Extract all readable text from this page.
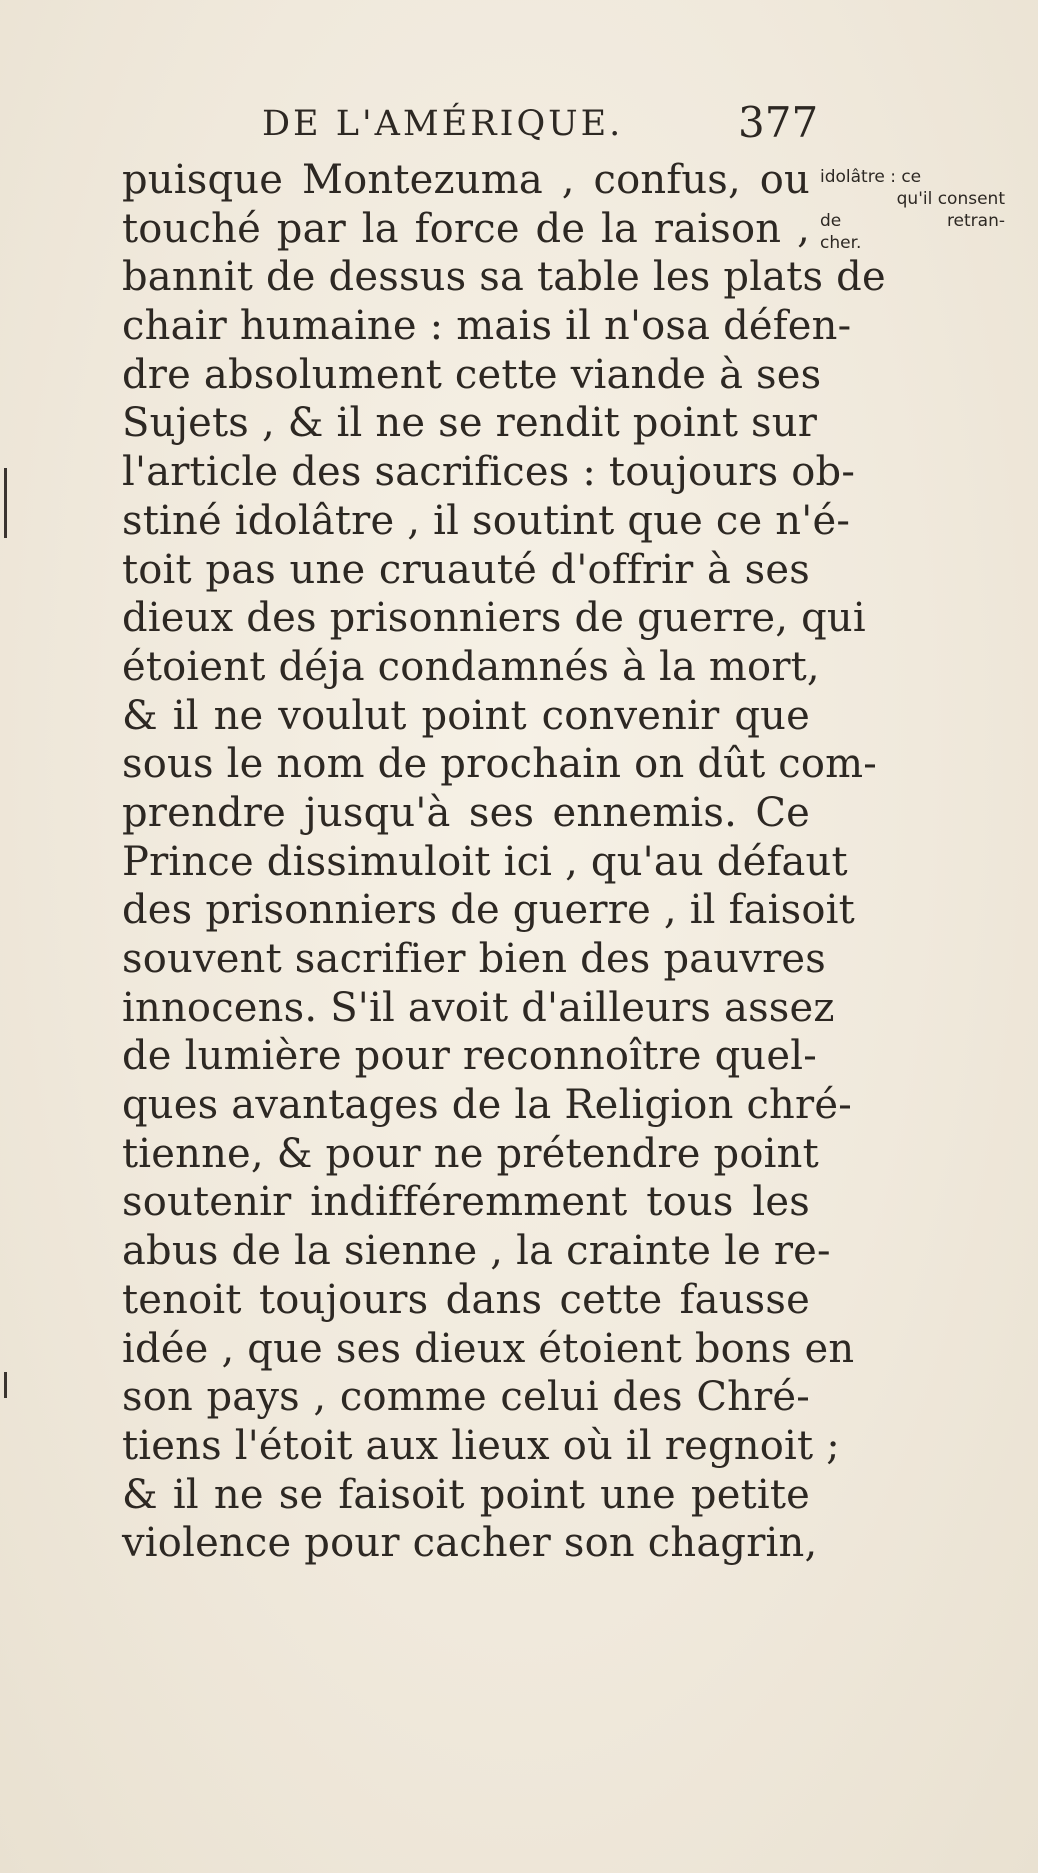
DE L'AMÉRIQUE.	377
puisque Montezuma , confus, ou
touché par la force de la raison ,
bannit de dessus sa table les plats de
chair humaine : mais il n'osa défen-
dre absolument cette viande à ses
Sujets , & il ne se rendit point sur
l'article des sacrifices : toujours ob-
stiné idolâtre , il soutint que ce n'é-
toit pas une cruauté d'offrir à ses
dieux des prisonniers de guerre, qui
étoient déja condamnés à la mort,
& il ne voulut point convenir que
sous le nom de prochain on dût com-
prendre jusqu'à ses ennemis. Ce
Prince dissimuloit ici , qu'au défaut
des prisonniers de guerre , il faisoit
souvent sacrifier bien des pauvres
innocens. S'il avoit d'ailleurs assez
de lumière pour reconnoître quel-
ques avantages de la Religion chré-
tienne, & pour ne prétendre point
soutenir indifféremment tous les
abus de la sienne , la crainte le re-
tenoit toujours dans cette fausse
idée , que ses dieux étoient bons en
son pays , comme celui des Chré-
tiens l'étoit aux lieux où il regnoit ;
& il ne se faisoit point une petite
violence pour cacher son chagrin,
idolâtre : ce
qu'il consent
de	retran-
cher.
